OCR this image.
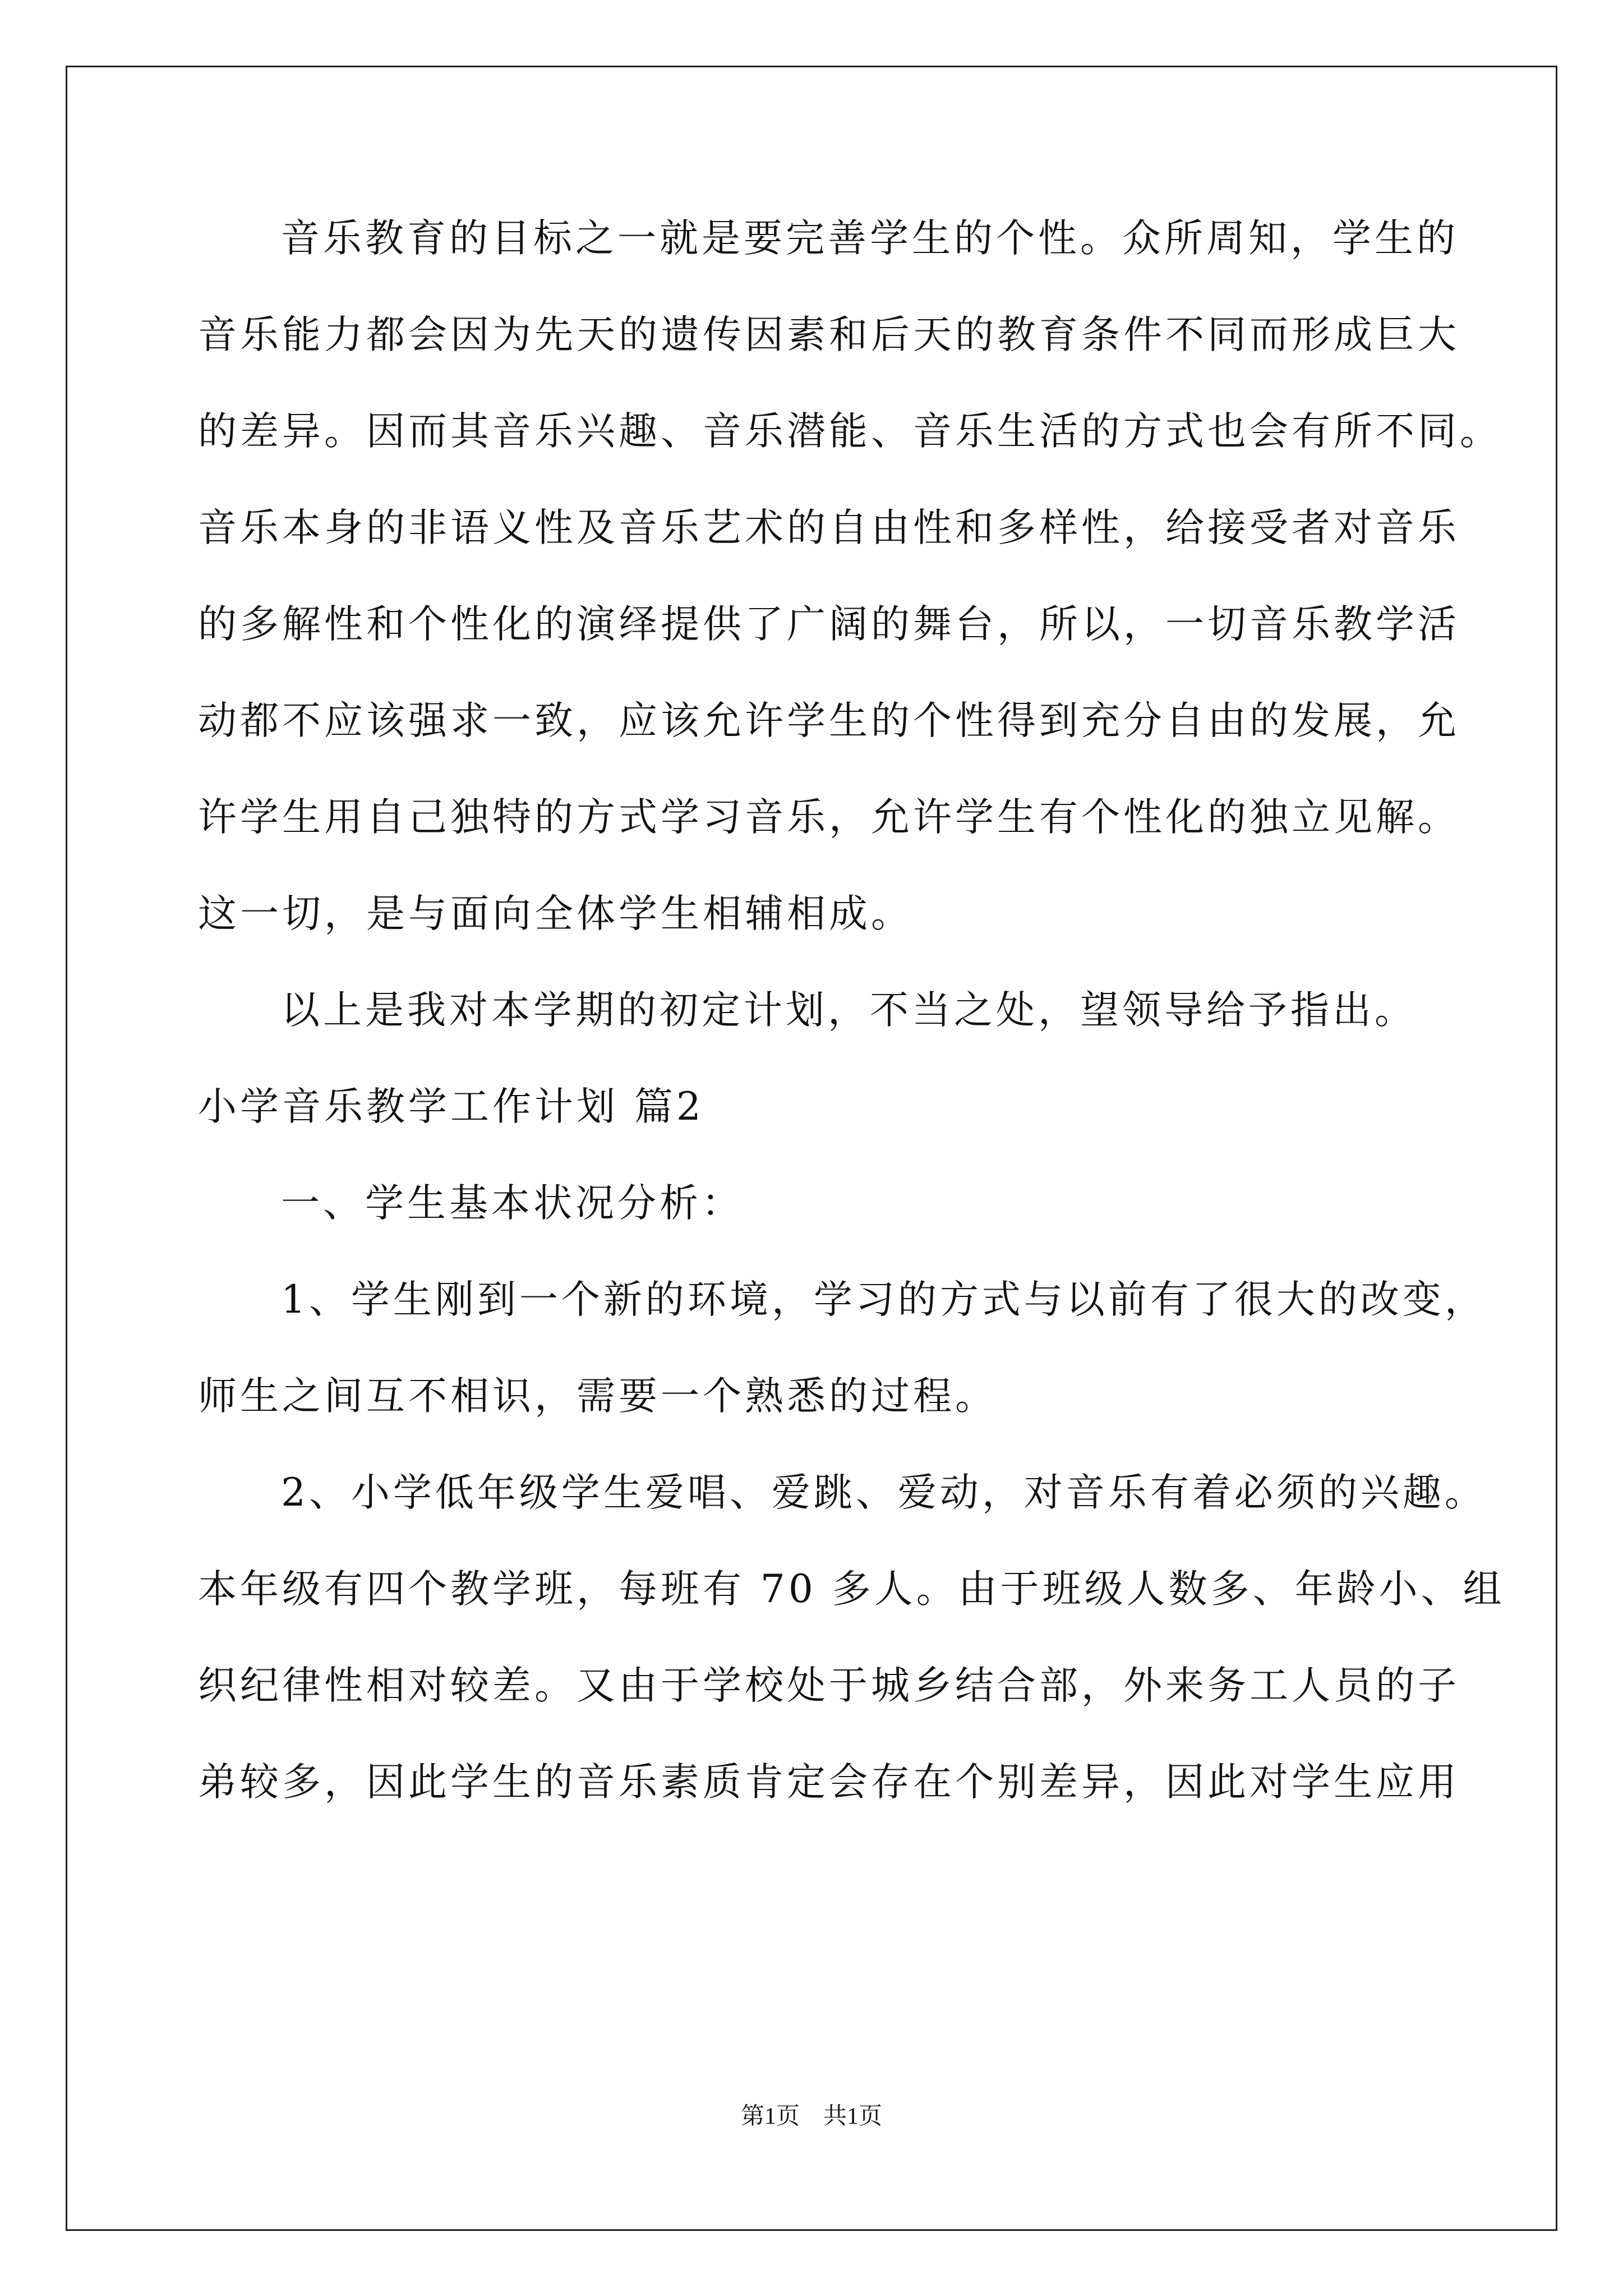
音乐教育的目标之一就是要完善学生的个性。众所周知，学生的
音乐能力都会因为先天的遗传因素和后天的教育条件不同而形成巨大
的差异。因而其音乐兴趣、音乐潜能、音乐生活的方式也会有所不同。
音乐本身的非语义性及音乐艺术的自由性和多样性，给接受者对音乐
的多解性和个性化的演绎提供了广阔的舞台，所以，一切音乐教学活
动都不应该强求一致，应该允许学生的个性得到充分自由的发展，允
许学生用自己独特的方式学习音乐，允许学生有个性化的独立见解。
这一切，是与面向全体学生相辅相成。
以上是我对本学期的初定计划，不当之处，望领导给予指出。
小学音乐教学工作计划 篇2
一、学生基本状况分析：
1、学生刚到一个新的环境，学习的方式与以前有了很大的改变，
师生之间互不相识，需要一个熟悉的过程。
2、小学低年级学生爱唱、爱跳、爱动，对音乐有着必须的兴趣。
本年级有四个教学班，每班有 70 多人。由于班级人数多、年龄小、组
织纪律性相对较差。又由于学校处于城乡结合部，外来务工人员的子
弟较多，因此学生的音乐素质肯定会存在个别差异，因此对学生应用
第1页　共1页
